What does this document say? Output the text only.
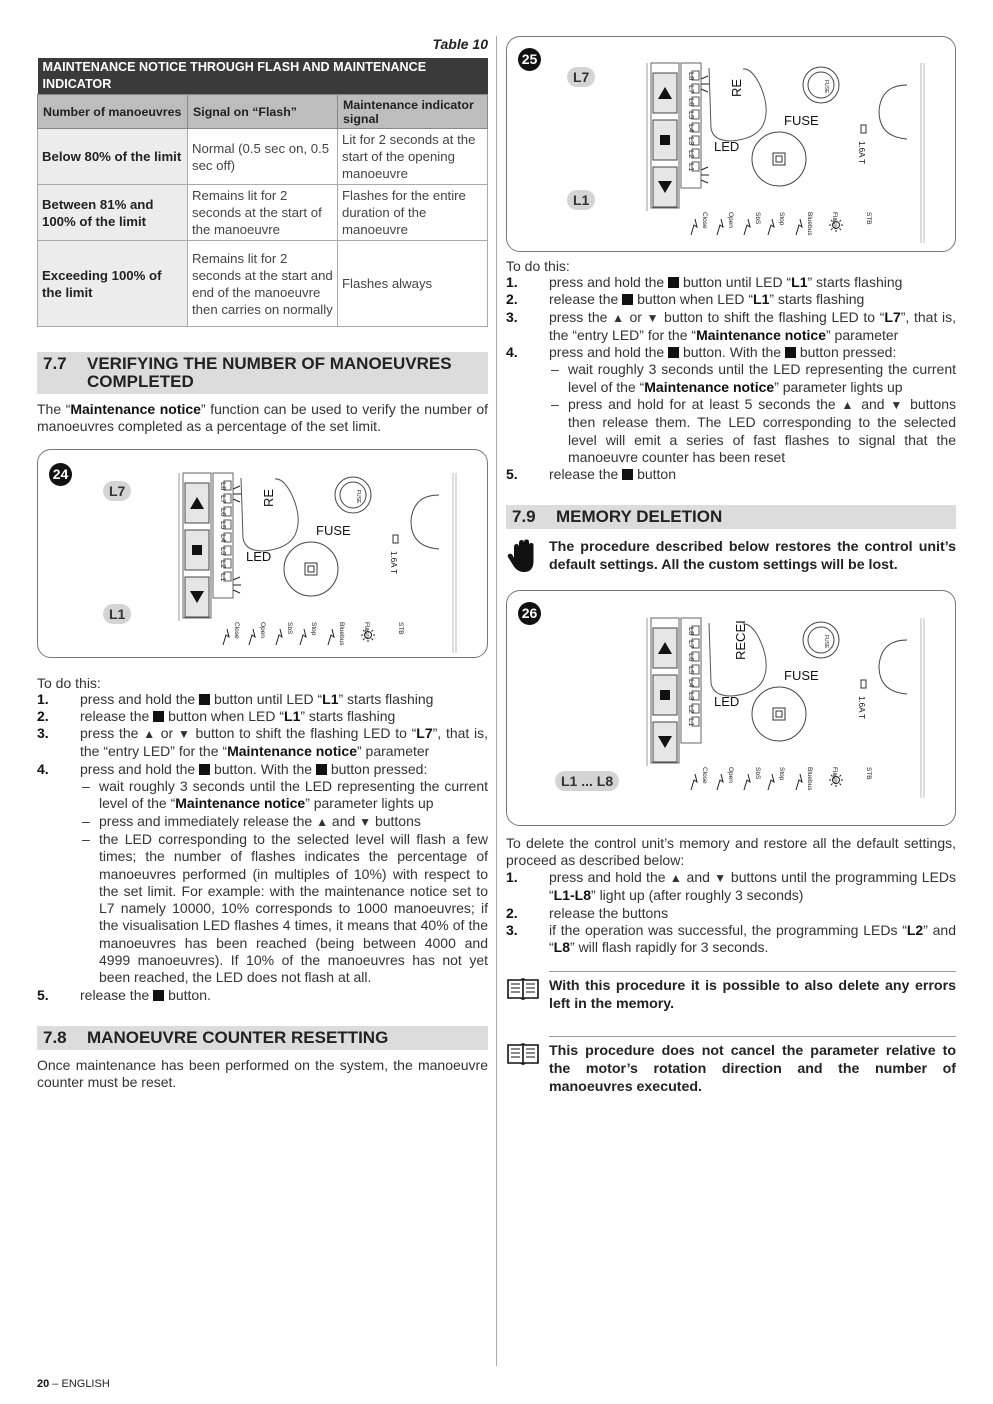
Table 10
MAINTENANCE NOTICE THROUGH FLASH AND MAINTENANCE INDICATOR		
Number of manoeuvres	Signal on “Flash”	Maintenance indicator signal
Below 80% of the limit	Normal (0.5 sec on, 0.5 sec off)	Lit for 2 seconds at the start of the opening manoeuvre
Between 81% and 100% of the limit	Remains lit for 2 seconds at the start of the manoeuvre	Flashes for the entire duration of the manoeuvre
Exceeding 100% of the limit	Remains lit for 2 seconds at the start and end of the manoeuvre then carries on normally	Flashes always
7.7	VERIFYING THE NUMBER OF MANOEUVRES COMPLETED

The “Maintenance notice” function can be used to verify the number of manoeuvres completed as a percentage of the set limit.

24
L8
L7
L6
L5
L4
L3
L2
L1
RE	FUSE
FUSE
1.6A T
LED
Close	Open	SbS	Stop	Bluebus	Flash	STB
L7
L1
To do this:
1. press and hold the button until LED “L1” starts flashing
2. release the button when LED “L1” starts flashing
3. press the ▲ or ▼ button to shift the flashing LED to “L7”, that is, the “entry LED” for the “Maintenance notice” parameter
4. press and hold the button. With the button pressed:
– wait roughly 3 seconds until the LED representing the current level of the “Maintenance notice” parameter lights up
– press and immediately release the ▲ and ▼ buttons
– the LED corresponding to the selected level will flash a few times; the number of flashes indicates the percentage of manoeuvres performed (in multiples of 10%) with respect to the set limit. For example: with the maintenance notice set to L7 namely 10000, 10% corresponds to 1000 manoeuvres; if the visualisation LED flashes 4 times, it means that 40% of the manoeuvres has been reached (being between 4000 and 4999 manoeuvres). If 10% of the manoeuvres has not yet been reached, the LED does not flash at all.
5. release the button.
7.8	MANOEUVRE COUNTER RESETTING

Once maintenance has been performed on the system, the manoeuvre counter must be reset.

25
L8
L7
L6
L5
L4
L3
L2
L1
RE	FUSE
FUSE
1.6A T
LED
Close	Open	SbS	Stop	Bluebus	Flash	STB
L7
L1
To do this:
1. press and hold the button until LED “L1” starts flashing
2. release the button when LED “L1” starts flashing
3. press the ▲ or ▼ button to shift the flashing LED to “L7”, that is, the “entry LED” for the “Maintenance notice” parameter
4. press and hold the button. With the button pressed:
– wait roughly 3 seconds until the LED representing the current level of the “Maintenance notice” parameter lights up
– press and hold for at least 5 seconds the ▲ and ▼ buttons then release them. The LED corresponding to the selected level will emit a series of fast flashes to signal that the manoeuvre counter has been reset
5. release the button
7.9	MEMORY DELETION
The procedure described below restores the control unit’s default settings. All the custom settings will be lost.
26
L8
L7
L6
L5
L4
L3
L2
L1
RECEI	FUSE
FUSE
1.6A T
LED
Close	Open	SbS	Stop	Bluebus	Flash	STB
L1 ... L8

To delete the control unit’s memory and restore all the default settings, proceed as described below:

1. press and hold the ▲ and ▼ buttons until the programming LEDs “L1-L8” light up (after roughly 3 seconds)
2. release the buttons
3. if the operation was successful, the programming LEDs “L2” and “L8” will flash rapidly for 3 seconds.
With this procedure it is possible to also delete any errors left in the memory.
This procedure does not cancel the parameter relative to the motor’s rotation direction and the number of manoeuvres executed.
20 – ENGLISH
